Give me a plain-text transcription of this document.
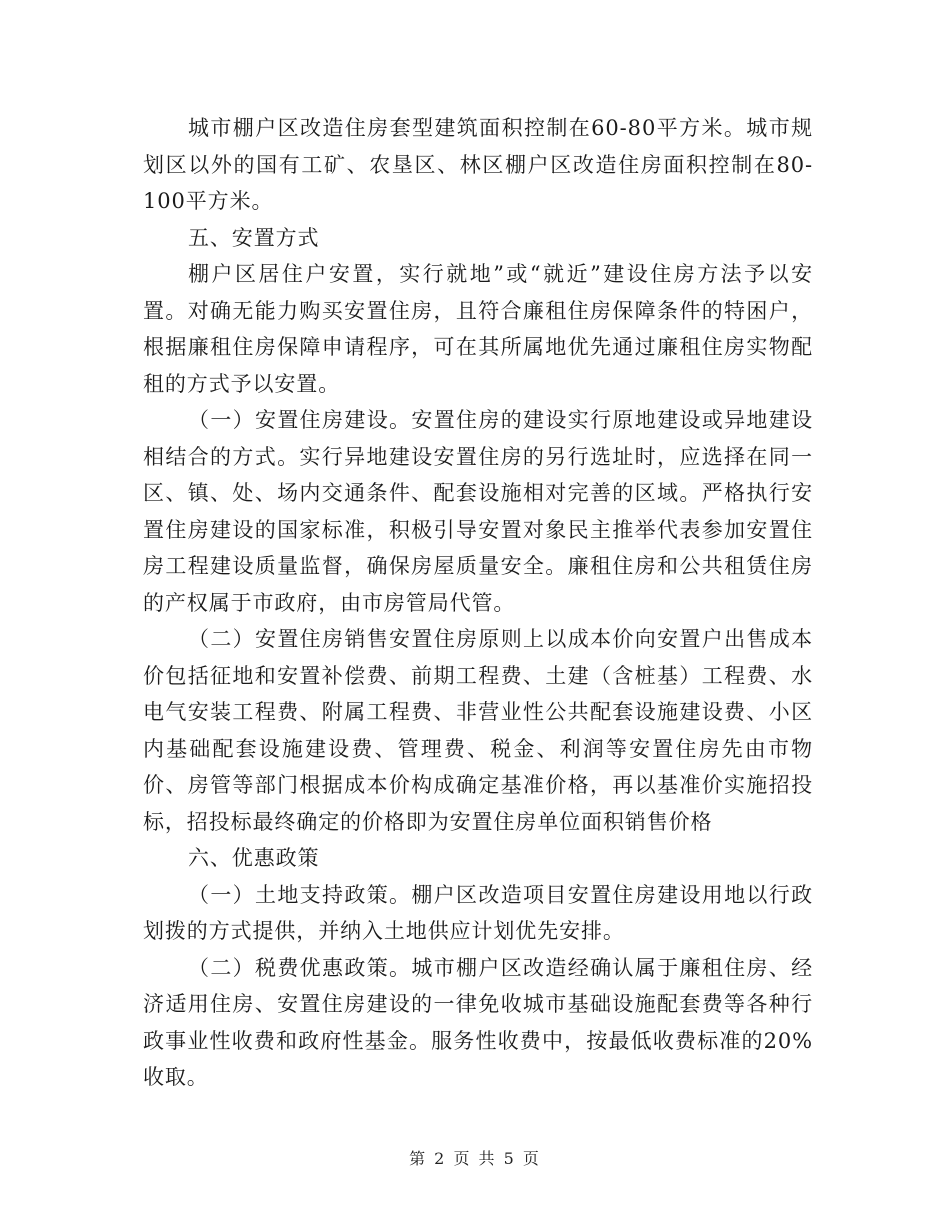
城市棚户区改造住房套型建筑面积控制在60-80平方米。城市规划区以外的国有工矿、农垦区、林区棚户区改造住房面积控制在80-100平方米。

五、安置方式

棚户区居住户安置，实行就地”或“就近”建设住房方法予以安置。对确无能力购买安置住房，且符合廉租住房保障条件的特困户，根据廉租住房保障申请程序，可在其所属地优先通过廉租住房实物配租的方式予以安置。

（一）安置住房建设。安置住房的建设实行原地建设或异地建设相结合的方式。实行异地建设安置住房的另行选址时，应选择在同一区、镇、处、场内交通条件、配套设施相对完善的区域。严格执行安置住房建设的国家标准，积极引导安置对象民主推举代表参加安置住房工程建设质量监督，确保房屋质量安全。廉租住房和公共租赁住房的产权属于市政府，由市房管局代管。

（二）安置住房销售安置住房原则上以成本价向安置户出售成本价包括征地和安置补偿费、前期工程费、土建（含桩基）工程费、水电气安装工程费、附属工程费、非营业性公共配套设施建设费、小区内基础配套设施建设费、管理费、税金、利润等安置住房先由市物价、房管等部门根据成本价构成确定基准价格，再以基准价实施招投标，招投标最终确定的价格即为安置住房单位面积销售价格

六、优惠政策

（一）土地支持政策。棚户区改造项目安置住房建设用地以行政划拨的方式提供，并纳入土地供应计划优先安排。

（二）税费优惠政策。城市棚户区改造经确认属于廉租住房、经济适用住房、安置住房建设的一律免收城市基础设施配套费等各种行政事业性收费和政府性基金。服务性收费中，按最低收费标准的20%收取。

第 2 页 共 5 页
